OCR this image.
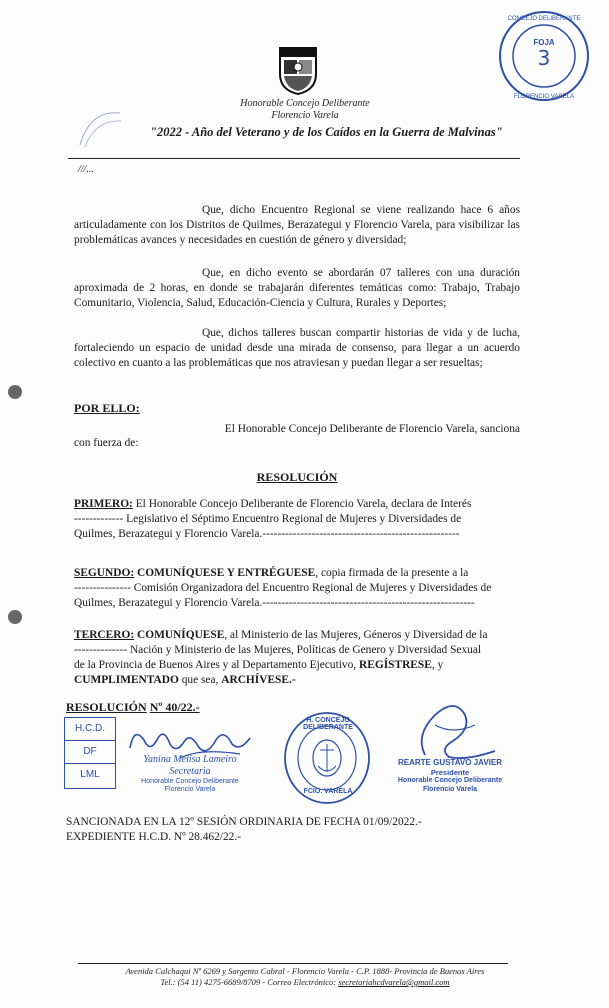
Honorable Concejo Deliberante
Florencio Varela
"2022 - Año del Veterano y de los Caídos en la Guerra de Malvinas"
CONCEJO DELIBERANTE
FLORENCIO VARELA
FOJA
3
///...

Que, dicho Encuentro Regional se viene realizando hace 6 años articuladamente con los Distritos de Quilmes, Berazategui y Florencio Varela, para visibilizar las problemáticas avances y necesidades en cuestión de género y diversidad;

Que, en dicho evento se abordarán 07 talleres con una duración aproximada de 2 horas, en donde se trabajarán diferentes temáticas como: Trabajo, Trabajo Comunitario, Violencia, Salud, Educación-Ciencia y Cultura, Rurales y Deportes;

Que, dichos talleres buscan compartir historias de vida y de lucha, fortaleciendo un espacio de unidad desde una mirada de consenso, para llegar a un acuerdo colectivo en cuanto a las problemáticas que nos atraviesan y puedan llegar a ser resueltas;

POR ELLO:
El Honorable Concejo Deliberante de Florencio Varela, sanciona
con fuerza de:
RESOLUCIÓN
PRIMERO: El Honorable Concejo Deliberante de Florencio Varela, declara de Interés
------------- Legislativo el Séptimo Encuentro Regional de Mujeres y Diversidades de
Quilmes, Berazategui y Florencio Varela.----------------------------------------------------
SEGUNDO: COMUNÍQUESE Y ENTRÉGUESE, copia firmada de la presente a la
--------------- Comisión Organizadora del Encuentro Regional de Mujeres y Diversidades de
Quilmes, Berazategui y Florencio Varela.--------------------------------------------------------
TERCERO: COMUNÍQUESE, al Ministerio de las Mujeres, Géneros y Diversidad de la
-------------- Nación y Ministerio de las Mujeres, Políticas de Genero y Diversidad Sexual
de la Provincia de Buenos Aires y al Departamento Ejecutivo, REGÍSTRESE, y
CUMPLIMENTADO que sea, ARCHÍVESE.-
RESOLUCIÓN Nº 40/22.-
H.C.D.
DF
LML
Yanina Melisa Lameiro
Secretaria
Honorable Concejo Deliberante
Florencio Varela
H. CONCEJO DELIBERANTE
FCIO. VARELA
REARTE GUSTAVO JAVIER
Presidente
Honorable Concejo Deliberante
Florencio Varela
SANCIONADA EN LA 12º SESIÓN ORDINARIA DE FECHA 01/09/2022.-
EXPEDIENTE H.C.D. Nº 28.462/22.-
Avenida Calchaqui Nº 6269 y Sargento Cabral - Florencio Varela - C.P. 1888- Provincia de Buenos Aires
Tel.: (54 11) 4275-6689/8709 - Correo Electrónico: secretariahcdvarela@gmail.com
